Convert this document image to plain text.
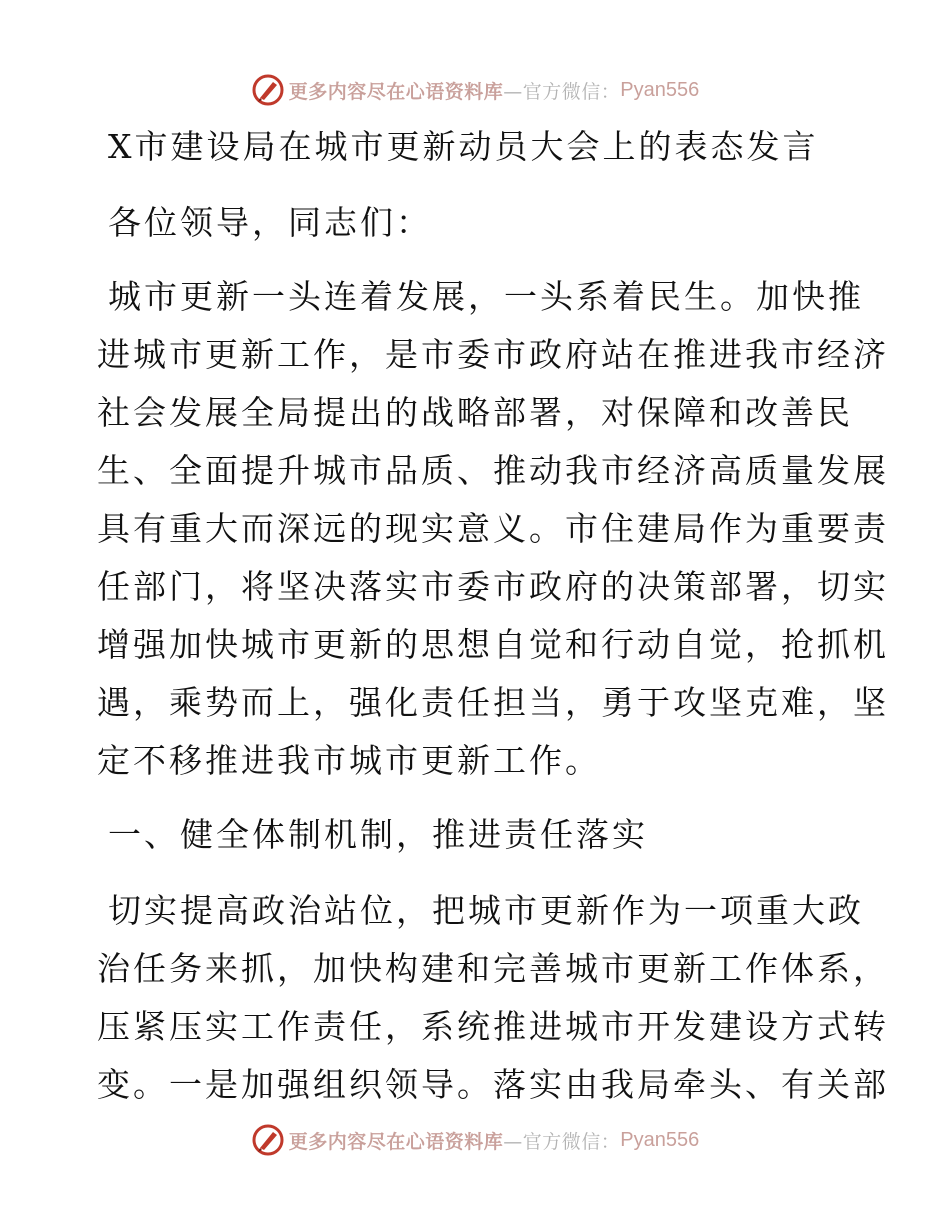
更多内容尽在心语资料库 —官方微信： Pyan556

X市建设局在城市更新动员大会上的表态发言

各位领导，同志们：

城市更新一头连着发展，一头系着民生。加快推

进城市更新工作，是市委市政府站在推进我市经济

社会发展全局提出的战略部署，对保障和改善民

生、全面提升城市品质、推动我市经济高质量发展

具有重大而深远的现实意义。市住建局作为重要责

任部门，将坚决落实市委市政府的决策部署，切实

增强加快城市更新的思想自觉和行动自觉，抢抓机

遇，乘势而上，强化责任担当，勇于攻坚克难，坚

定不移推进我市城市更新工作。

一、健全体制机制，推进责任落实

切实提高政治站位，把城市更新作为一项重大政

治任务来抓，加快构建和完善城市更新工作体系，

压紧压实工作责任，系统推进城市开发建设方式转

变。一是加强组织领导。落实由我局牵头、有关部

更多内容尽在心语资料库 —官方微信： Pyan556
